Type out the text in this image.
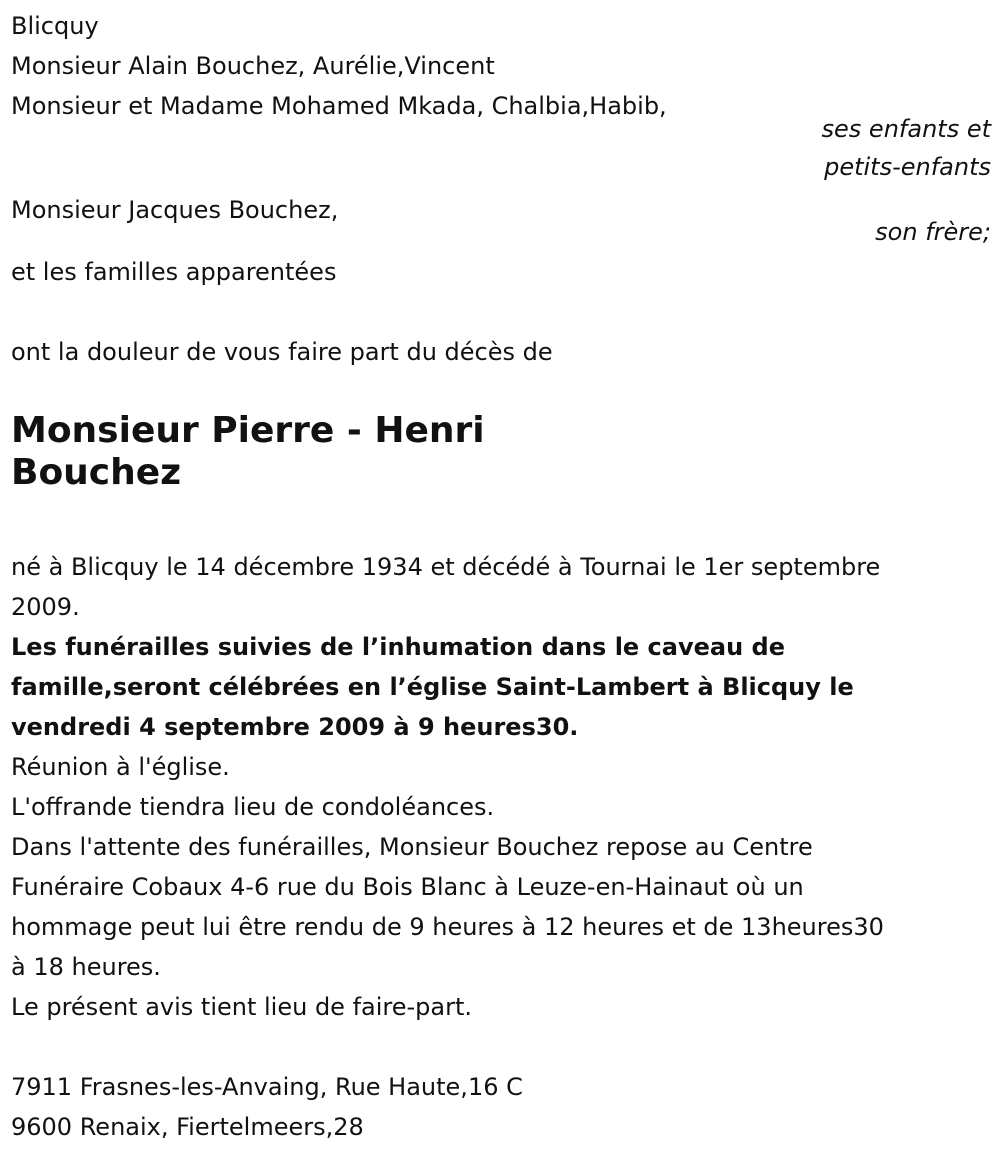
Blicquy
Monsieur Alain Bouchez, Aurélie,Vincent
Monsieur et Madame Mohamed Mkada, Chalbia,Habib,
ses enfants et
petits-enfants
Monsieur Jacques Bouchez,
son frère;
et les familles apparentées
ont la douleur de vous faire part du décès de
Monsieur Pierre - Henri
Bouchez
né à Blicquy le 14 décembre 1934 et décédé à Tournai le 1er septembre
2009.
Les funérailles suivies de l’inhumation dans le caveau de
famille,seront célébrées en l’église Saint-Lambert à Blicquy le
vendredi 4 septembre 2009 à 9 heures30.
Réunion à l'église.
L'offrande tiendra lieu de condoléances.
Dans l'attente des funérailles, Monsieur Bouchez repose au Centre
Funéraire Cobaux 4-6 rue du Bois Blanc à Leuze-en-Hainaut où un
hommage peut lui être rendu de 9 heures à 12 heures et de 13heures30
à 18 heures.
Le présent avis tient lieu de faire-part.
7911 Frasnes-les-Anvaing, Rue Haute,16 C
9600 Renaix, Fiertelmeers,28
